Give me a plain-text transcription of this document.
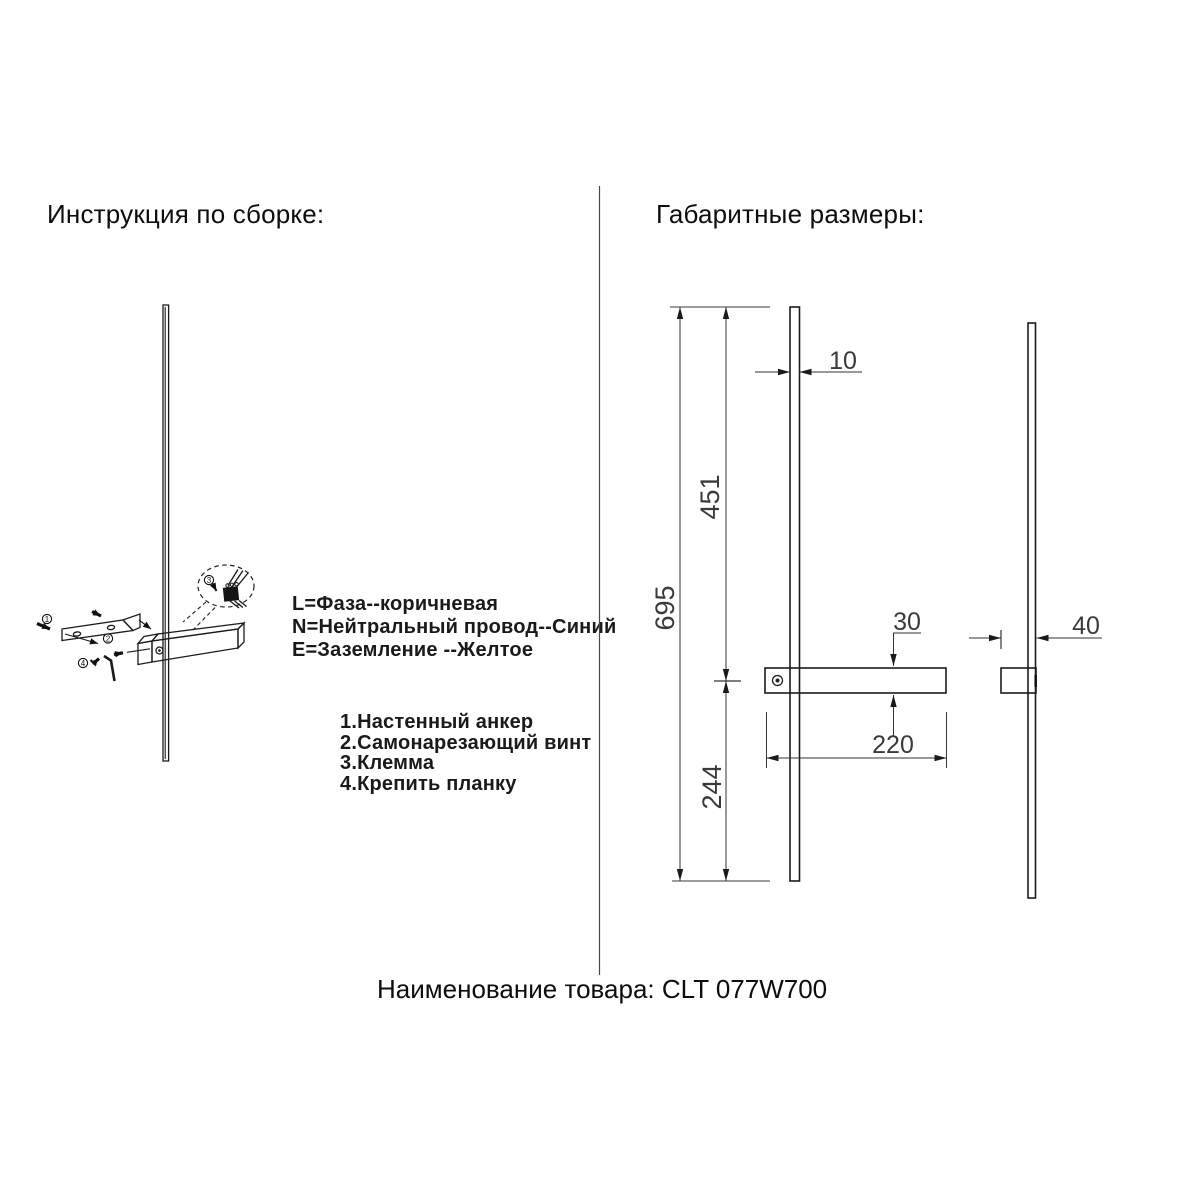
Инструкция по сборке:	Габаритные размеры:
L=Фаза--коричневая
N=Нейтральный провод--Синий
E=Заземление --Желтое
1.Настенный анкер
2.Самонарезающий винт
3.Клемма
4.Крепить планку
Наименование товара: CLT 077W700
1
2
4
3
695
451
244
10
30
220
40
